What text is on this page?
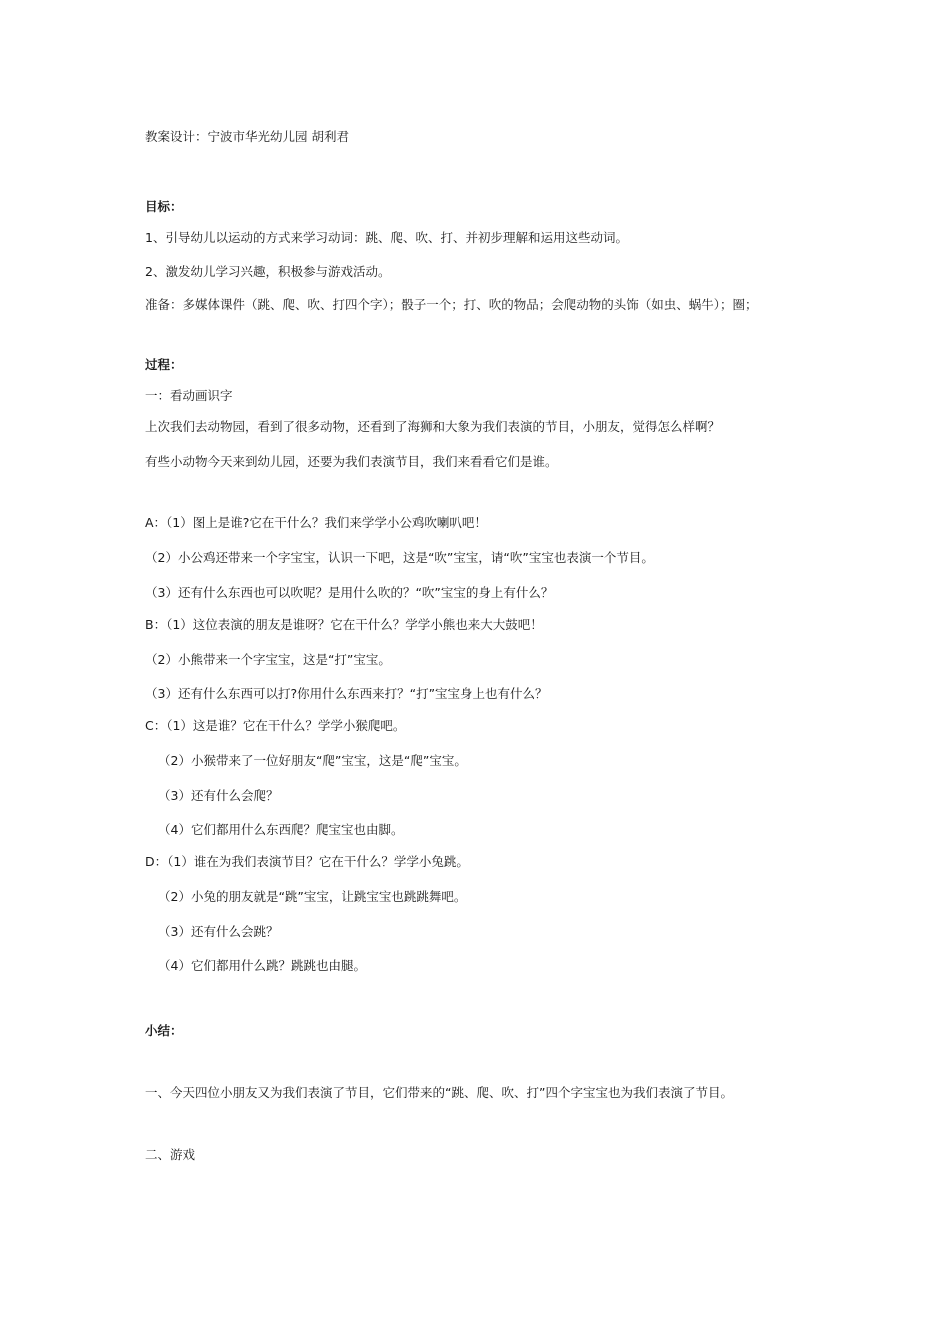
教案设计：宁波市华光幼儿园 胡利君
目标：
1、引导幼儿以运动的方式来学习动词：跳、爬、吹、打、并初步理解和运用这些动词。
2、激发幼儿学习兴趣，积极参与游戏活动。
准备：多媒体课件（跳、爬、吹、打四个字）；骰子一个；打、吹的物品；会爬动物的头饰（如虫、蜗牛）；圈；
过程：
一：看动画识字
上次我们去动物园，看到了很多动物，还看到了海狮和大象为我们表演的节目，小朋友，觉得怎么样啊？
有些小动物今天来到幼儿园，还要为我们表演节目，我们来看看它们是谁。
A：（1）图上是谁?它在干什么？我们来学学小公鸡吹喇叭吧！
（2）小公鸡还带来一个字宝宝，认识一下吧，这是“吹”宝宝，请“吹”宝宝也表演一个节目。
（3）还有什么东西也可以吹呢？是用什么吹的？“吹”宝宝的身上有什么？
B：（1）这位表演的朋友是谁呀？它在干什么？学学小熊也来大大鼓吧！
（2）小熊带来一个字宝宝，这是“打”宝宝。
（3）还有什么东西可以打?你用什么东西来打？“打”宝宝身上也有什么？
C：（1）这是谁？它在干什么？学学小猴爬吧。
（2）小猴带来了一位好朋友“爬”宝宝，这是“爬”宝宝。
（3）还有什么会爬？
（4）它们都用什么东西爬？爬宝宝也由脚。
D：（1）谁在为我们表演节目？它在干什么？学学小兔跳。
（2）小兔的朋友就是“跳”宝宝，让跳宝宝也跳跳舞吧。
（3）还有什么会跳？
（4）它们都用什么跳？跳跳也由腿。
小结：
一、今天四位小朋友又为我们表演了节目，它们带来的“跳、爬、吹、打”四个字宝宝也为我们表演了节目。
二、游戏
